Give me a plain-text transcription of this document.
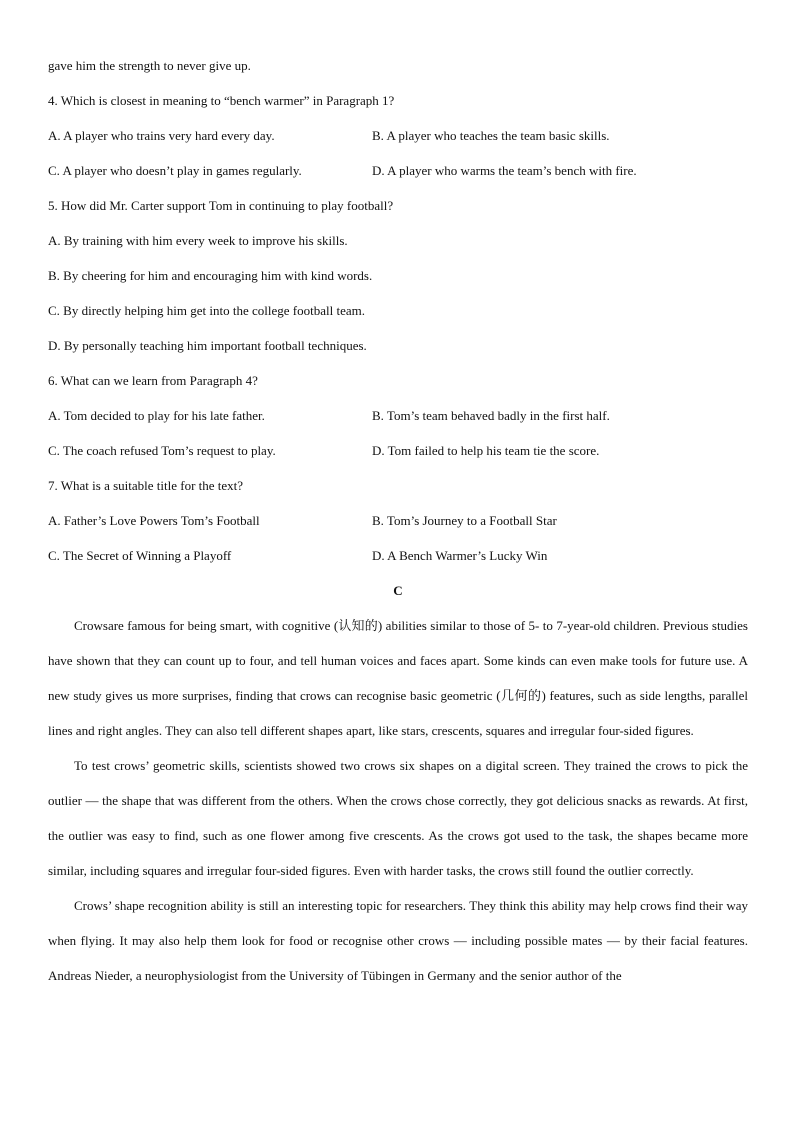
gave him the strength to never give up.
4. Which is closest in meaning to “bench warmer” in Paragraph 1?
A. A player who trains very hard every day.	B. A player who teaches the team basic skills.
C. A player who doesn’t play in games regularly.	D. A player who warms the team’s bench with fire.
5. How did Mr. Carter support Tom in continuing to play football?
A. By training with him every week to improve his skills.
B. By cheering for him and encouraging him with kind words.
C. By directly helping him get into the college football team.
D. By personally teaching him important football techniques.
6. What can we learn from Paragraph 4?
A. Tom decided to play for his late father.	B. Tom’s team behaved badly in the first half.
C. The coach refused Tom’s request to play.	D. Tom failed to help his team tie the score.
7. What is a suitable title for the text?
A. Father’s Love Powers Tom’s Football	B. Tom’s Journey to a Football Star
C. The Secret of Winning a Playoff	D. A Bench Warmer’s Lucky Win
C

Crowsare famous for being smart, with cognitive (认知的) abilities similar to those of 5- to 7-year-old children. Previous studies have shown that they can count up to four, and tell human voices and faces apart. Some kinds can even make tools for future use. A new study gives us more surprises, finding that crows can recognise basic geometric (几何的) features, such as side lengths, parallel lines and right angles. They can also tell different shapes apart, like stars, crescents, squares and irregular four-sided figures.

To test crows’ geometric skills, scientists showed two crows six shapes on a digital screen. They trained the crows to pick the outlier — the shape that was different from the others. When the crows chose correctly, they got delicious snacks as rewards. At first, the outlier was easy to find, such as one flower among five crescents. As the crows got used to the task, the shapes became more similar, including squares and irregular four-sided figures. Even with harder tasks, the crows still found the outlier correctly.

Crows’ shape recognition ability is still an interesting topic for researchers. They think this ability may help crows find their way when flying. It may also help them look for food or recognise other crows — including possible mates — by their facial features. Andreas Nieder, a neurophysiologist from the University of Tübingen in Germany and the senior author of the
